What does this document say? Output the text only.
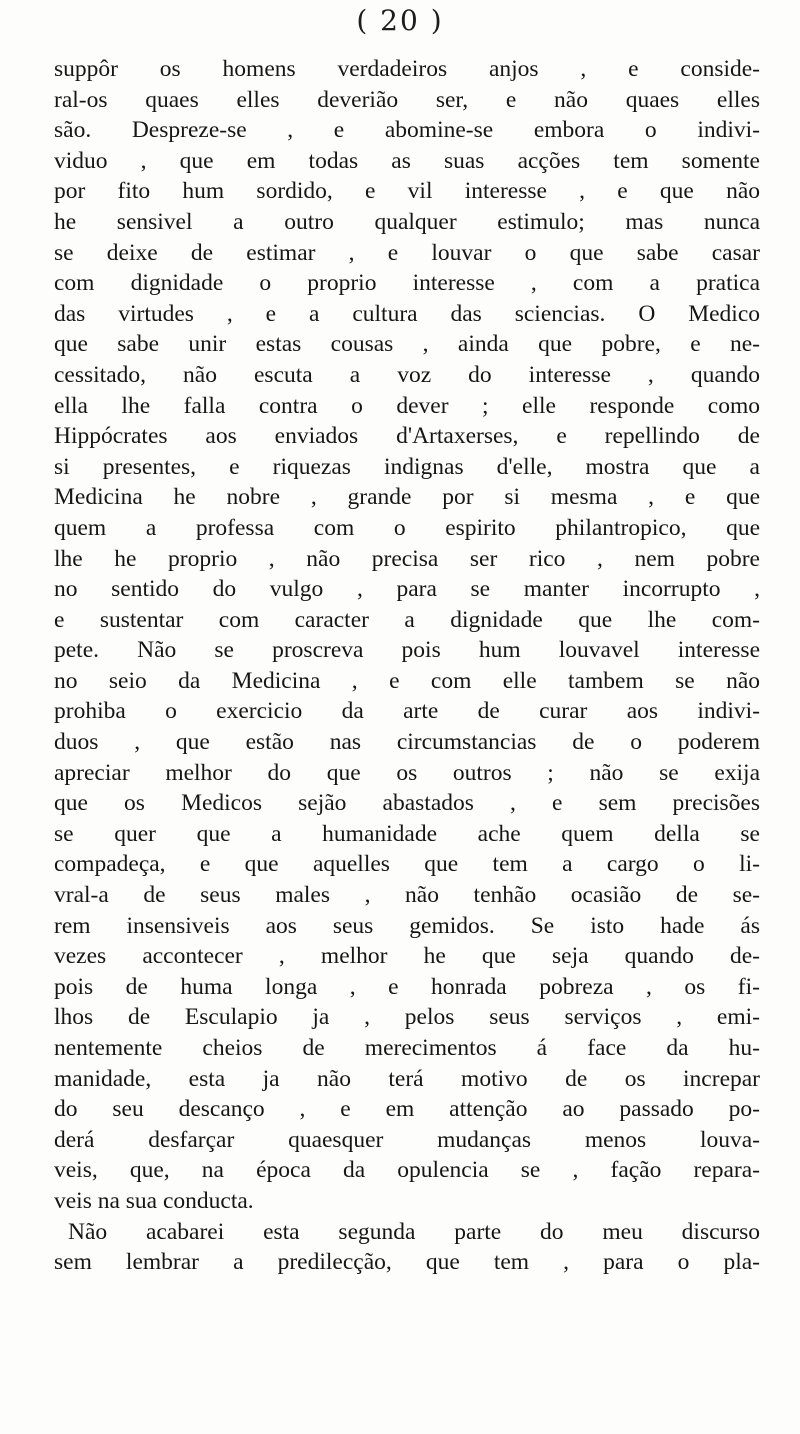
( 20 )
suppôr os homens verdadeiros anjos , e conside-
ral-os quaes elles deverião ser, e não quaes elles
são. Despreze-se , e abomine-se embora o indivi-
viduo , que em todas as suas acções tem somente
por fito hum sordido, e vil interesse , e que não
he sensivel a outro qualquer estimulo; mas nunca
se deixe de estimar , e louvar o que sabe casar
com dignidade o proprio interesse , com a pratica
das virtudes , e a cultura das sciencias. O Medico
que sabe unir estas cousas , ainda que pobre, e ne-
cessitado, não escuta a voz do interesse , quando
ella lhe falla contra o dever ; elle responde como
Hippócrates aos enviados d'Artaxerses, e repellindo de
si presentes, e riquezas indignas d'elle, mostra que a
Medicina he nobre , grande por si mesma , e que
quem a professa com o espirito philantropico, que
lhe he proprio , não precisa ser rico , nem pobre
no sentido do vulgo , para se manter incorrupto ,
e sustentar com caracter a dignidade que lhe com-
pete. Não se proscreva pois hum louvavel interesse
no seio da Medicina , e com elle tambem se não
prohiba o exercicio da arte de curar aos indivi-
duos , que estão nas circumstancias de o poderem
apreciar melhor do que os outros ; não se exija
que os Medicos sejão abastados , e sem precisões
se quer que a humanidade ache quem della se
compadeça, e que aquelles que tem a cargo o li-
vral-a de seus males , não tenhão ocasião de se-
rem insensiveis aos seus gemidos. Se isto hade ás
vezes accontecer , melhor he que seja quando de-
pois de huma longa , e honrada pobreza , os fi-
lhos de Esculapio ja , pelos seus serviços , emi-
nentemente cheios de merecimentos á face da hu-
manidade, esta ja não terá motivo de os increpar
do seu descanço , e em attenção ao passado po-
derá desfarçar quaesquer mudanças menos louva-
veis, que, na época da opulencia se , fação repara-
veis na sua conducta.
Não acabarei esta segunda parte do meu discurso
sem lembrar a predilecção, que tem , para o pla-
